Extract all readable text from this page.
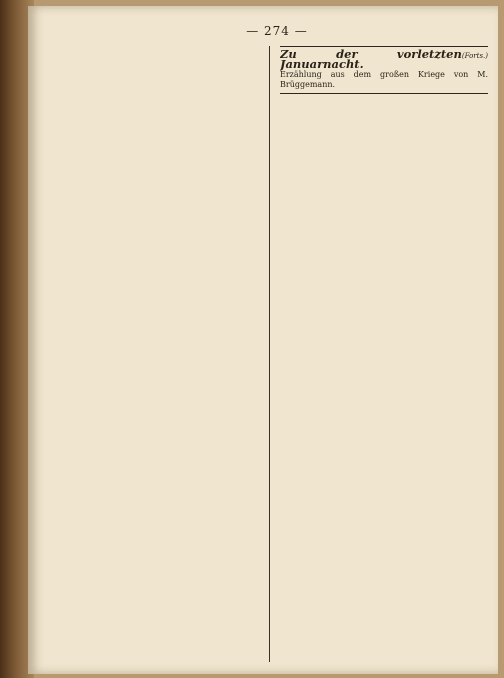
— 274 —
Zu der vorletzten Januarnacht.
(Forts.)
Erzählung aus dem großen Kriege von M. Brüggemann.
